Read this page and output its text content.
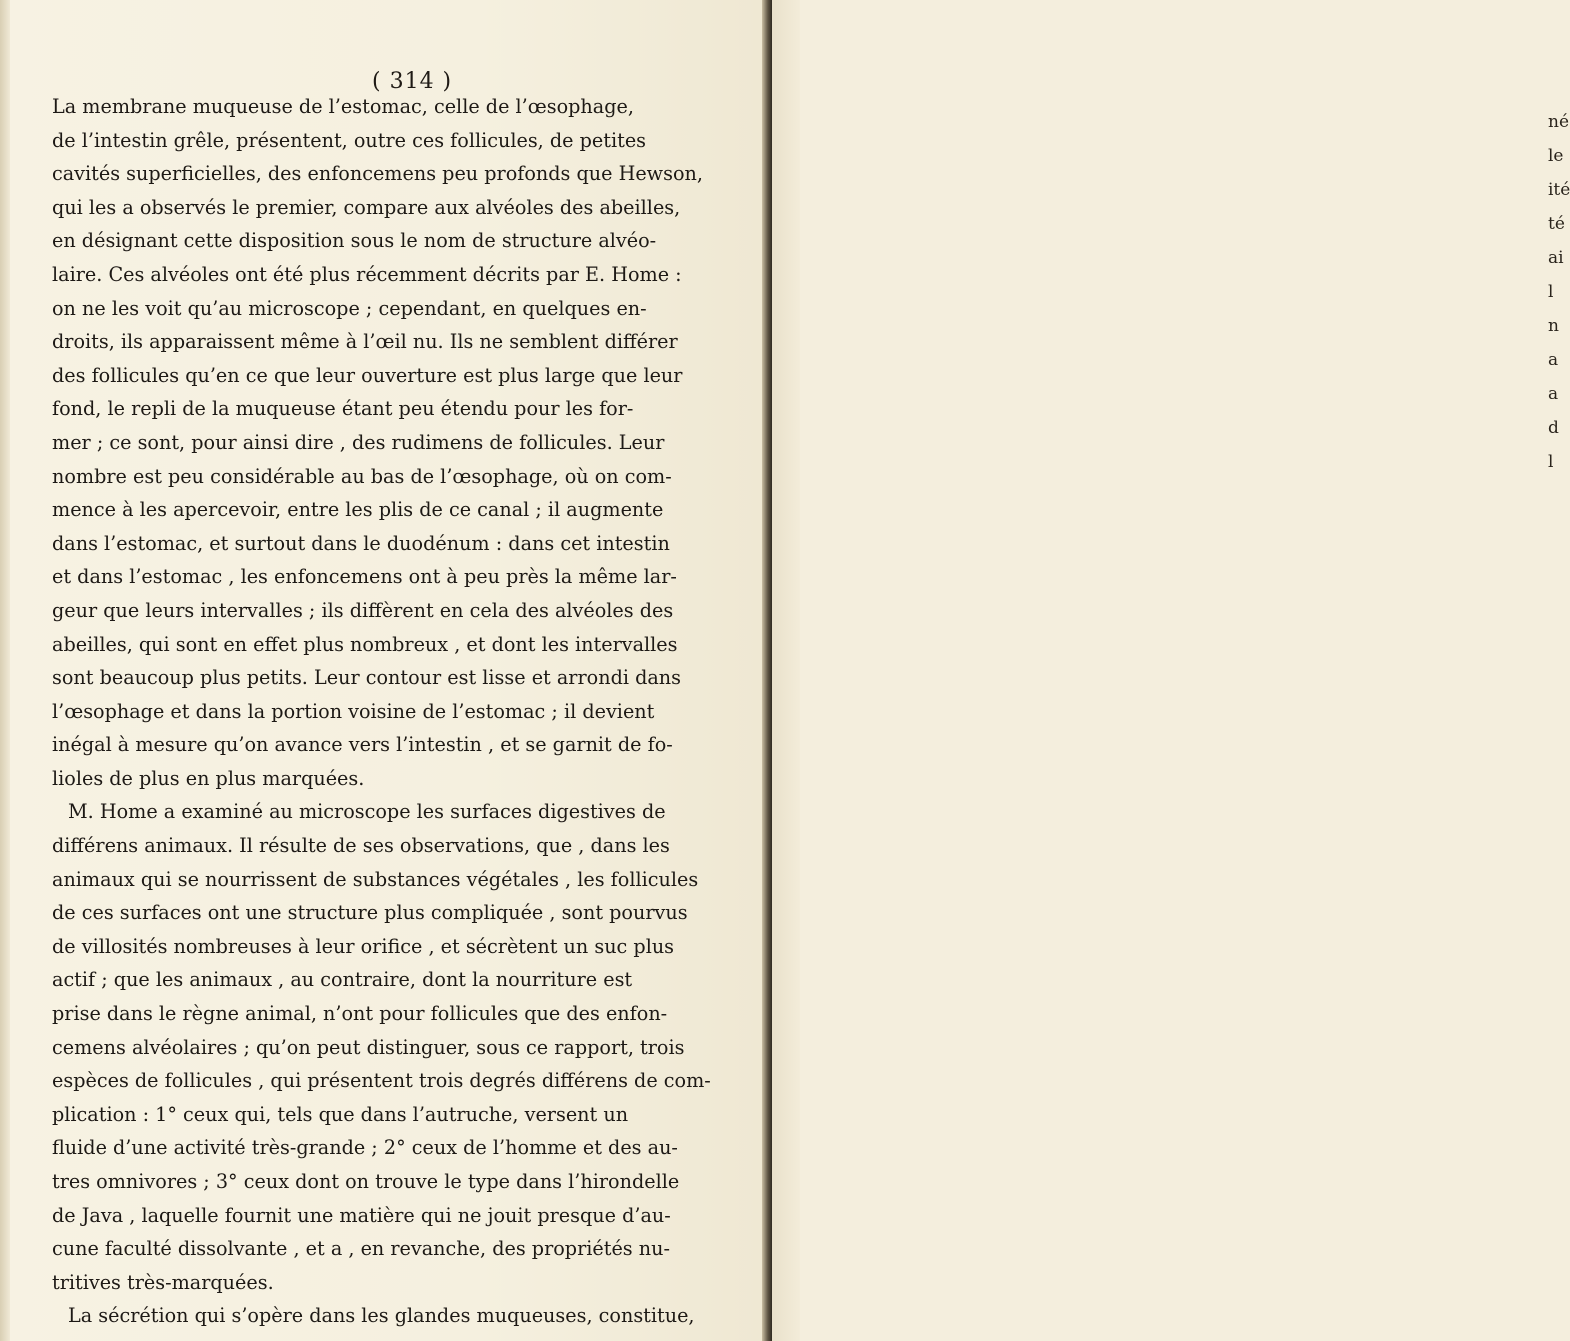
( 314 )
La membrane muqueuse de l’estomac, celle de l’œsophage,
de l’intestin grêle, présentent, outre ces follicules, de petites
cavités superficielles, des enfoncemens peu profonds que Hewson,
qui les a observés le premier, compare aux alvéoles des abeilles,
en désignant cette disposition sous le nom de structure alvéo-
laire. Ces alvéoles ont été plus récemment décrits par E. Home :
on ne les voit qu’au microscope ; cependant, en quelques en-
droits, ils apparaissent même à l’œil nu. Ils ne semblent différer
des follicules qu’en ce que leur ouverture est plus large que leur
fond, le repli de la muqueuse étant peu étendu pour les for-
mer ; ce sont, pour ainsi dire , des rudimens de follicules. Leur
nombre est peu considérable au bas de l’œsophage, où on com-
mence à les apercevoir, entre les plis de ce canal ; il augmente
dans l’estomac, et surtout dans le duodénum : dans cet intestin
et dans l’estomac , les enfoncemens ont à peu près la même lar-
geur que leurs intervalles ; ils diffèrent en cela des alvéoles des
abeilles, qui sont en effet plus nombreux , et dont les intervalles
sont beaucoup plus petits. Leur contour est lisse et arrondi dans
l’œsophage et dans la portion voisine de l’estomac ; il devient
inégal à mesure qu’on avance vers l’intestin , et se garnit de fo-
lioles de plus en plus marquées.
M. Home a examiné au microscope les surfaces digestives de
différens animaux. Il résulte de ses observations, que , dans les
animaux qui se nourrissent de substances végétales , les follicules
de ces surfaces ont une structure plus compliquée , sont pourvus
de villosités nombreuses à leur orifice , et sécrètent un suc plus
actif ; que les animaux , au contraire, dont la nourriture est
prise dans le règne animal, n’ont pour follicules que des enfon-
cemens alvéolaires ; qu’on peut distinguer, sous ce rapport, trois
espèces de follicules , qui présentent trois degrés différens de com-
plication : 1° ceux qui, tels que dans l’autruche, versent un
fluide d’une activité très-grande ; 2° ceux de l’homme et des au-
tres omnivores ; 3° ceux dont on trouve le type dans l’hirondelle
de Java , laquelle fournit une matière qui ne jouit presque d’au-
cune faculté dissolvante , et a , en revanche, des propriétés nu-
tritives très-marquées.
La sécrétion qui s’opère dans les glandes muqueuses, constitue,
né
le
ité
té
ai
l
n
a
a
d
l
